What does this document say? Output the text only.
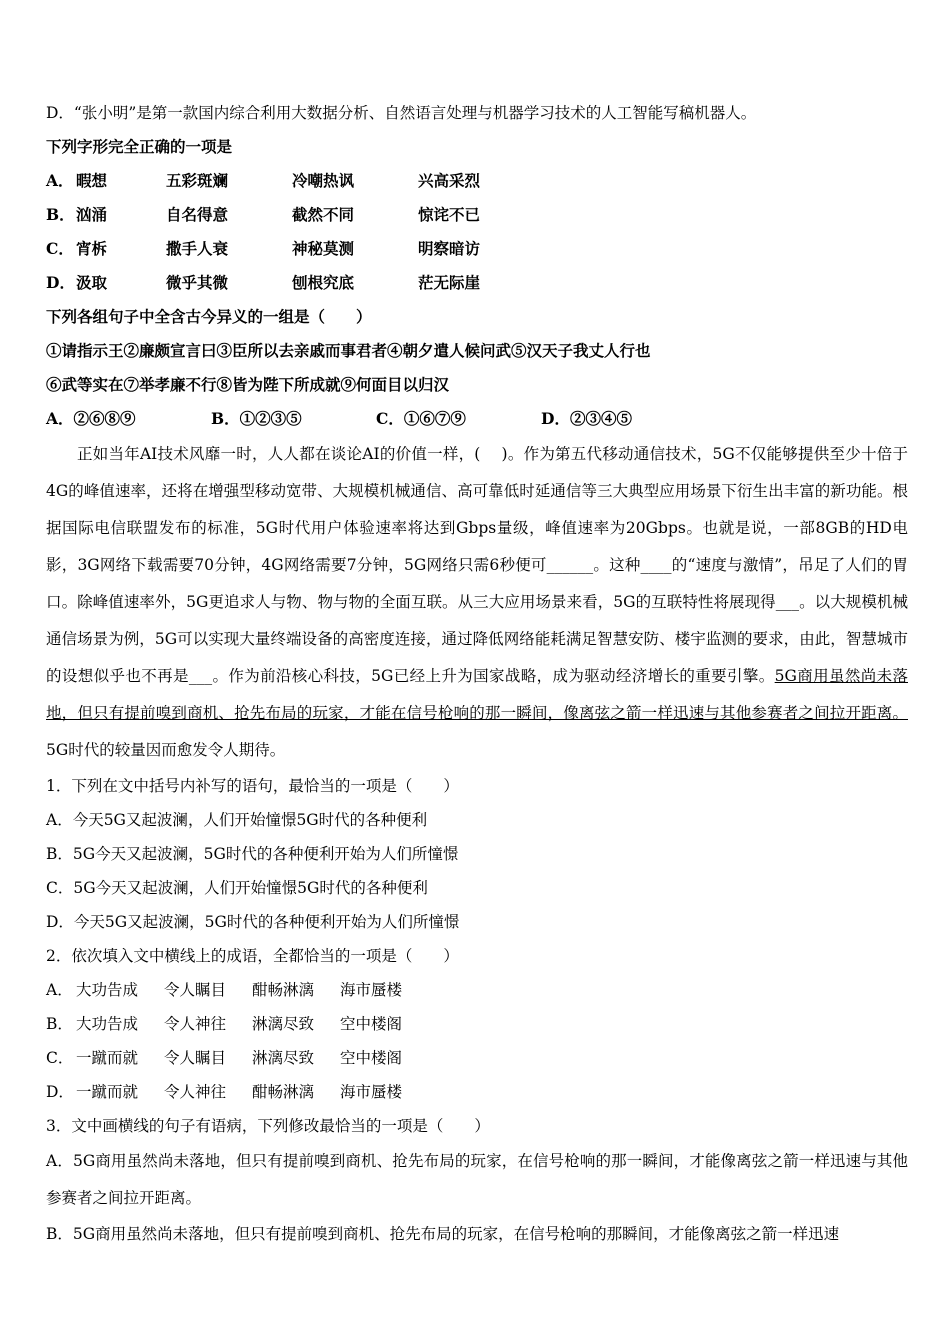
D．“张小明”是第一款国内综合利用大数据分析、自然语言处理与机器学习技术的人工智能写稿机器人。
下列字形完全正确的一项是
A． 暇想	五彩斑斓	冷嘲热讽	兴高采烈
B．汹涌	自名得意	截然不同	惊诧不已
C． 宵柝	撒手人衰	神秘莫测	明察暗访
D．汲取	微乎其微	刨根究底	茫无际崖
下列各组句子中全含古今异义的一组是（　　）
①请指示王②廉颇宣言曰③臣所以去亲戚而事君者④朝夕遣人候问武⑤汉天子我丈人行也
⑥武等实在⑦举孝廉不行⑧皆为陛下所成就⑨何面目以归汉
A．②⑥⑧⑨	B．①②③⑤	C．①⑥⑦⑨	D．②③④⑤

正如当年AI技术风靡一时，人人都在谈论AI的价值一样，(　 )。作为第五代移动通信技术，5G不仅能够提供至少十倍于4G的峰值速率，还将在增强型移动宽带、大规模机械通信、高可靠低时延通信等三大典型应用场景下衍生出丰富的新功能。根据国际电信联盟发布的标准，5G时代用户体验速率将达到Gbps量级，峰值速率为20Gbps。也就是说，一部8GB的HD电影，3G网络下载需要70分钟，4G网络需要7分钟，5G网络只需6秒便可______。这种____的“速度与激情”，吊足了人们的胃口。除峰值速率外，5G更追求人与物、物与物的全面互联。从三大应用场景来看，5G的互联特性将展现得___。以大规模机械通信场景为例，5G可以实现大量终端设备的高密度连接，通过降低网络能耗满足智慧安防、楼宇监测的要求，由此，智慧城市的设想似乎也不再是___。作为前沿核心科技，5G已经上升为国家战略，成为驱动经济增长的重要引擎。5G商用虽然尚未落地，但只有提前嗅到商机、抢先布局的玩家，才能在信号枪响的那一瞬间，像离弦之箭一样迅速与其他参赛者之间拉开距离。5G时代的较量因而愈发令人期待。

1．下列在文中括号内补写的语句，最恰当的一项是（　　）
A．今天5G又起波澜，人们开始憧憬5G时代的各种便利
B．5G今天又起波澜，5G时代的各种便利开始为人们所憧憬
C．5G今天又起波澜，人们开始憧憬5G时代的各种便利
D．今天5G又起波澜，5G时代的各种便利开始为人们所憧憬
2．依次填入文中横线上的成语，全都恰当的一项是（　　）
A． 大功告成 令人瞩目 酣畅淋漓 海市蜃楼
B． 大功告成 令人神往 淋漓尽致 空中楼阁
C． 一蹴而就 令人瞩目 淋漓尽致 空中楼阁
D． 一蹴而就 令人神往 酣畅淋漓 海市蜃楼
3．文中画横线的句子有语病，下列修改最恰当的一项是（　　）

A．5G商用虽然尚未落地，但只有提前嗅到商机、抢先布局的玩家，在信号枪响的那一瞬间，才能像离弦之箭一样迅速与其他参赛者之间拉开距离。

B．5G商用虽然尚未落地，但只有提前嗅到商机、抢先布局的玩家，在信号枪响的那瞬间，才能像离弦之箭一样迅速
